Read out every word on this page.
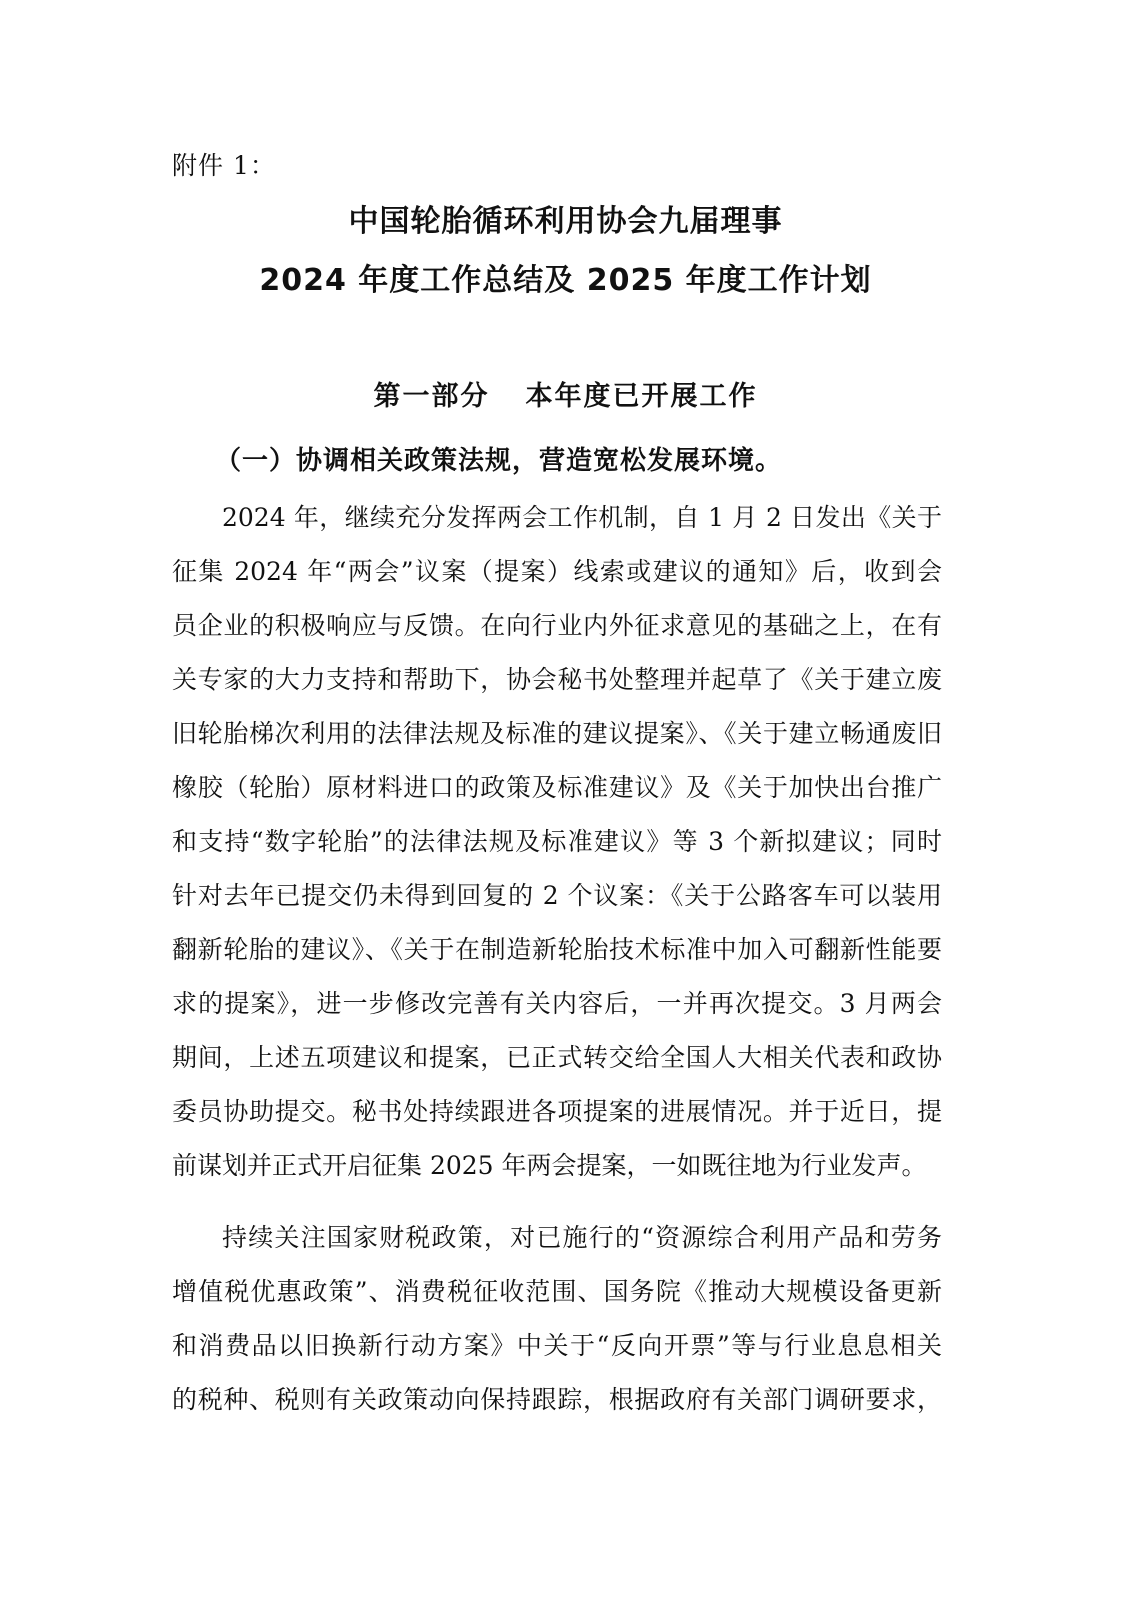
附件 1：
中国轮胎循环利用协会九届理事
2024 年度工作总结及 2025 年度工作计划
第一部分 本年度已开展工作
（一）协调相关政策法规，营造宽松发展环境。
2024 年，继续充分发挥两会工作机制，自 1 月 2 日发出《关于
征集 2024 年“两会”议案（提案）线索或建议的通知》后，收到会
员企业的积极响应与反馈。在向行业内外征求意见的基础之上，在有
关专家的大力支持和帮助下，协会秘书处整理并起草了《关于建立废
旧轮胎梯次利用的法律法规及标准的建议提案》、《关于建立畅通废旧
橡胶（轮胎）原材料进口的政策及标准建议》及《关于加快出台推广
和支持“数字轮胎”的法律法规及标准建议》等 3 个新拟建议；同时
针对去年已提交仍未得到回复的 2 个议案：《关于公路客车可以装用
翻新轮胎的建议》、《关于在制造新轮胎技术标准中加入可翻新性能要
求的提案》，进一步修改完善有关内容后，一并再次提交。3 月两会
期间，上述五项建议和提案，已正式转交给全国人大相关代表和政协
委员协助提交。秘书处持续跟进各项提案的进展情况。并于近日，提
前谋划并正式开启征集 2025 年两会提案，一如既往地为行业发声。
持续关注国家财税政策，对已施行的“资源综合利用产品和劳务
增值税优惠政策”、消费税征收范围、国务院《推动大规模设备更新
和消费品以旧换新行动方案》中关于“反向开票”等与行业息息相关
的税种、税则有关政策动向保持跟踪，根据政府有关部门调研要求，
